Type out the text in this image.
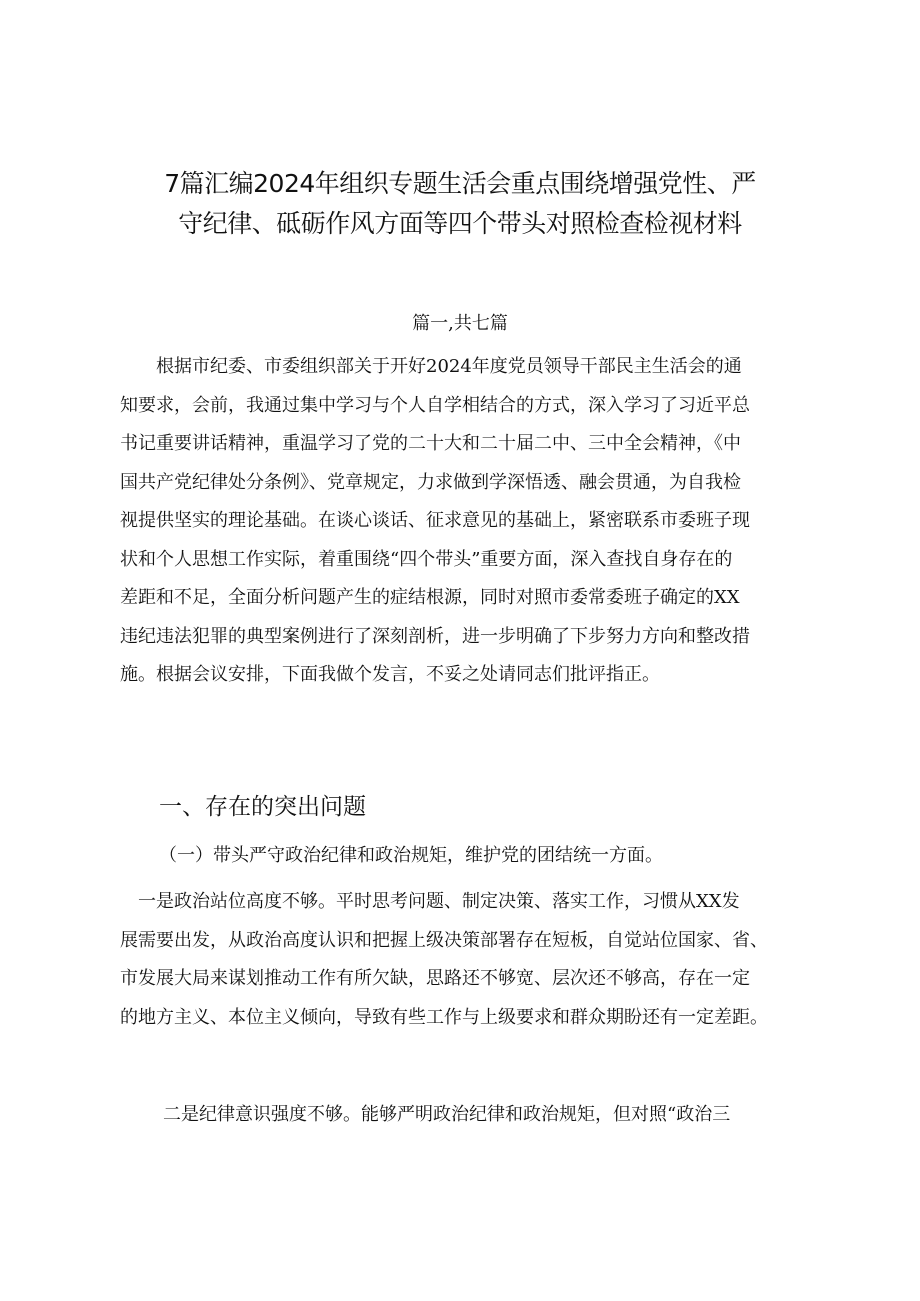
7篇汇编2024年组织专题生活会重点围绕增强党性、严
守纪律、砥砺作风方面等四个带头对照检查检视材料
篇一,共七篇
　　根据市纪委、市委组织部关于开好2024年度党员领导干部民主生活会的通
知要求，会前，我通过集中学习与个人自学相结合的方式，深入学习了习近平总
书记重要讲话精神，重温学习了党的二十大和二十届二中、三中全会精神，《中
国共产党纪律处分条例》、党章规定，力求做到学深悟透、融会贯通，为自我检
视提供坚实的理论基础。在谈心谈话、征求意见的基础上，紧密联系市委班子现
状和个人思想工作实际，着重围绕“四个带头”重要方面，深入查找自身存在的
差距和不足，全面分析问题产生的症结根源，同时对照市委常委班子确定的XX
违纪违法犯罪的典型案例进行了深刻剖析，进一步明确了下步努力方向和整改措
施。根据会议安排，下面我做个发言，不妥之处请同志们批评指正。
一、存在的突出问题
（一）带头严守政治纪律和政治规矩，维护党的团结统一方面。
　一是政治站位高度不够。平时思考问题、制定决策、落实工作，习惯从XX发
展需要出发，从政治高度认识和把握上级决策部署存在短板，自觉站位国家、省、
市发展大局来谋划推动工作有所欠缺，思路还不够宽、层次还不够高，存在一定
的地方主义、本位主义倾向，导致有些工作与上级要求和群众期盼还有一定差距。
二是纪律意识强度不够。能够严明政治纪律和政治规矩，但对照“政治三
